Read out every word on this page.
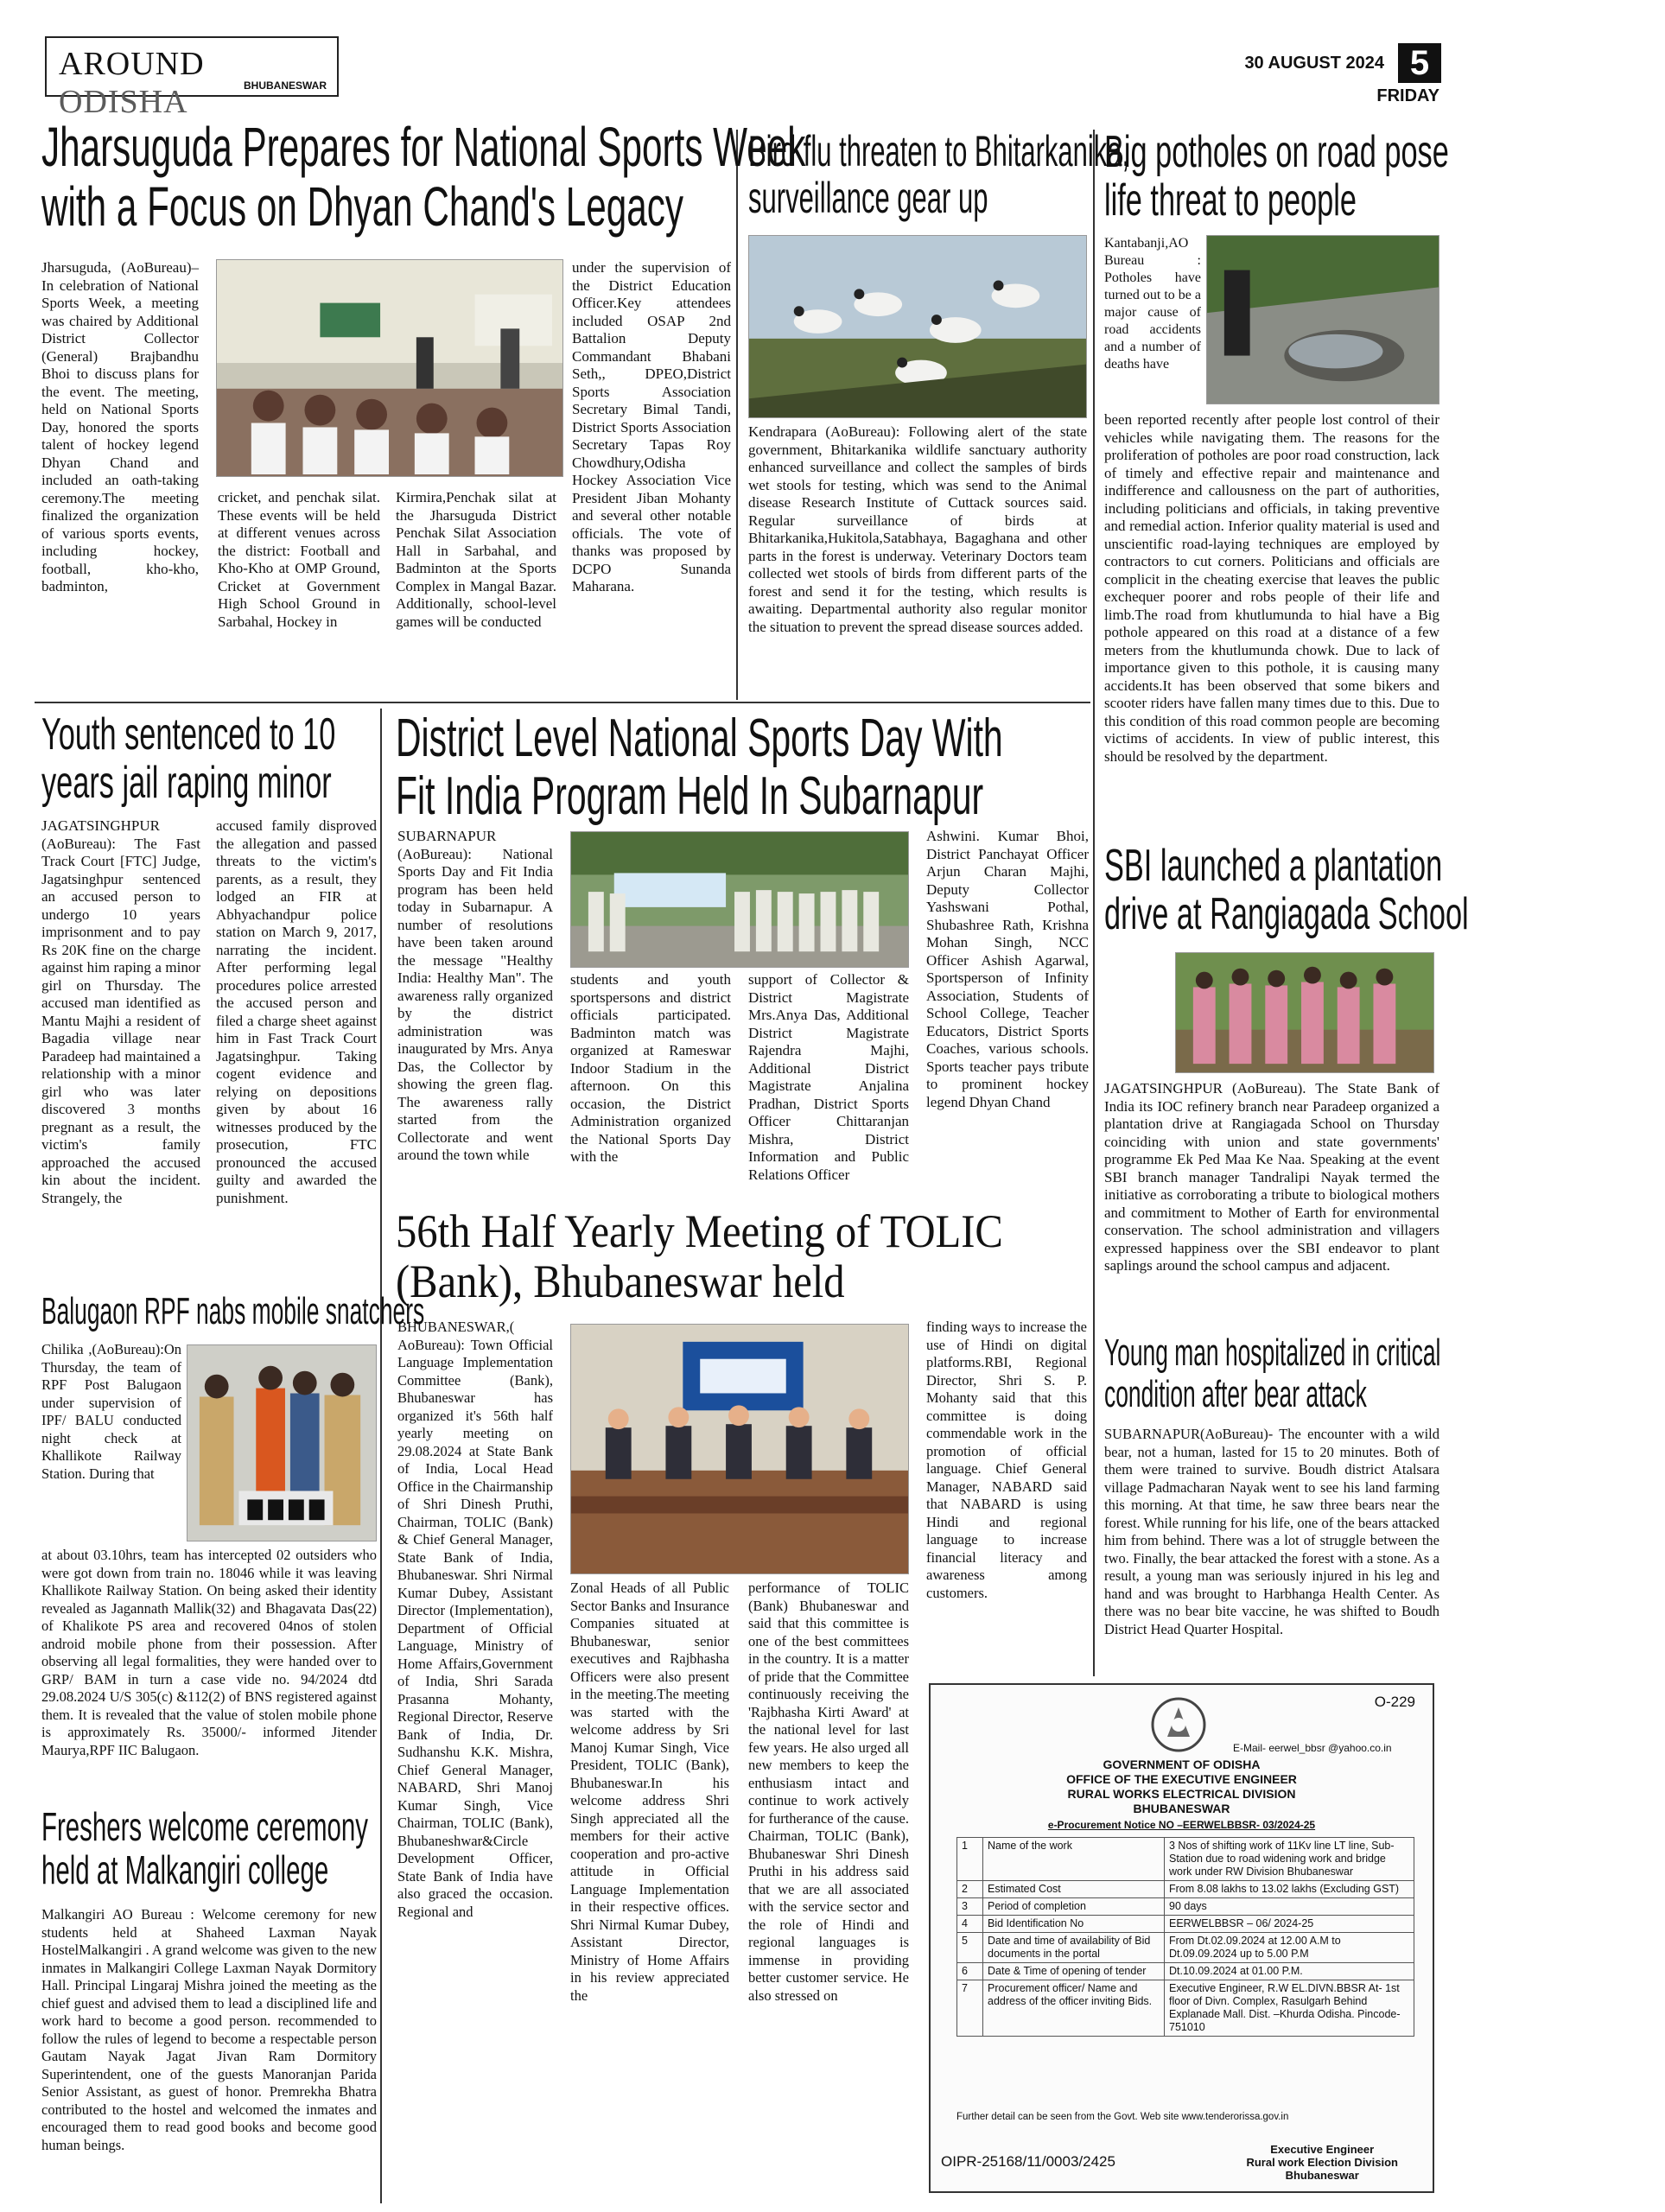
AROUND ODISHA	BHUBANESWAR
30 AUGUST 2024 5
FRIDAY
Jharsuguda Prepares for National Sports Week
with a Focus on Dhyan Chand's Legacy
Jharsuguda, (AoBureau)– In celebration of National Sports Week, a meeting was chaired by Additional District Collector (General) Brajbandhu Bhoi to discuss plans for the event. The meeting, held on National Sports Day, honored the sports talent of hockey legend Dhyan Chand and included an oath-taking ceremony.The meeting finalized the organization of various sports events, including hockey, football, kho-kho, badminton,
cricket, and penchak silat. These events will be held at different venues across the district: Football and Kho-Kho at OMP Ground, Cricket at Government High School Ground in Sarbahal, Hockey in
Kirmira,Penchak silat at the Jharsuguda District Penchak Silat Association Hall in Sarbahal, and Badminton at the Sports Complex in Mangal Bazar. Additionally, school-level games will be conducted
under the supervision of the District Education Officer.Key attendees included OSAP 2nd Battalion Deputy Commandant Bhabani Seth,, DPEO,District Sports Association Secretary Bimal Tandi, District Sports Association Secretary Tapas Roy Chowdhury,Odisha Hockey Association Vice President Jiban Mohanty and several other notable officials. The vote of thanks was proposed by DCPO Sunanda Maharana.
Bird flu threaten to Bhitarkanika,
surveillance gear up
Kendrapara (AoBureau): Following alert of the state government, Bhitarkanika wildlife sanctuary authority enhanced surveillance and collect the samples of birds wet stools for testing, which was send to the Animal disease Research Institute of Cuttack sources said. Regular surveillance of birds at Bhitarkanika,Hukitola,Satabhaya, Bagaghana and other parts in the forest is underway. Veterinary Doctors team collected wet stools of birds from different parts of the forest and send it for the testing, which results is awaiting. Departmental authority also regular monitor the situation to prevent the spread disease sources added.
Big potholes on road pose
life threat to people
Kantabanji,AO Bureau : Potholes have turned out to be a major cause of road accidents and a number of deaths have
been reported recently after people lost control of their vehicles while navigating them. The reasons for the proliferation of potholes are poor road construction, lack of timely and effective repair and maintenance and indifference and callousness on the part of authorities, including politicians and officials, in taking preventive and remedial action. Inferior quality material is used and unscientific road-laying techniques are employed by contractors to cut corners. Politicians and officials are complicit in the cheating exercise that leaves the public exchequer poorer and robs people of their life and limb.The road from khutlumunda to hial have a Big pothole appeared on this road at a distance of a few meters from the khutlumunda chowk. Due to lack of importance given to this pothole, it is causing many accidents.It has been observed that some bikers and scooter riders have fallen many times due to this. Due to this condition of this road common people are becoming victims of accidents. In view of public interest, this should be resolved by the department.
SBI launched a plantation
drive at Rangiagada School
JAGATSINGHPUR (AoBureau). The State Bank of India its IOC refinery branch near Paradeep organized a plantation drive at Rangiagada School on Thursday coinciding with union and state governments' programme Ek Ped Maa Ke Naa. Speaking at the event SBI branch manager Tandralipi Nayak termed the initiative as corroborating a tribute to biological mothers and commitment to Mother of Earth for environmental conservation. The school administration and villagers expressed happiness over the SBI endeavor to plant saplings around the school campus and adjacent.
Young man hospitalized in critical
condition after bear attack
SUBARNAPUR(AoBureau)- The encounter with a wild bear, not a human, lasted for 15 to 20 minutes. Both of them were trained to survive. Boudh district Atalsara village Padmacharan Nayak went to see his land farming this morning. At that time, he saw three bears near the forest. While running for his life, one of the bears attacked him from behind. There was a lot of struggle between the two. Finally, the bear attacked the forest with a stone. As a result, a young man was seriously injured in his leg and hand and was brought to Harbhanga Health Center. As there was no bear bite vaccine, he was shifted to Boudh District Head Quarter Hospital.
Youth sentenced to 10
years jail raping minor
JAGATSINGHPUR (AoBureau): The Fast Track Court [FTC] Judge, Jagatsinghpur sentenced an accused person to undergo 10 years imprisonment and to pay Rs 20K fine on the charge against him raping a minor girl on Thursday. The accused man identified as Mantu Majhi a resident of Bagadia village near Paradeep had maintained a relationship with a minor girl who was later discovered 3 months pregnant as a result, the victim's family approached the accused kin about the incident. Strangely, the
accused family disproved the allegation and passed threats to the victim's parents, as a result, they lodged an FIR at Abhyachandpur police station on March 9, 2017, narrating the incident. After performing legal procedures police arrested the accused person and filed a charge sheet against him in Fast Track Court Jagatsinghpur. Taking cogent evidence and relying on depositions given by about 16 witnesses produced by the prosecution, FTC pronounced the accused guilty and awarded the punishment.
Balugaon RPF nabs mobile snatchers
Chilika ,(AoBureau):On Thursday, the team of RPF Post Balugaon under supervision of IPF/ BALU conducted night check at Khallikote Railway Station. During that
at about 03.10hrs, team has intercepted 02 outsiders who were got down from train no. 18046 while it was leaving Khallikote Railway Station. On being asked their identity revealed as Jagannath Mallik(32) and Bhagavata Das(22) of Khalikote PS area and recovered 04nos of stolen android mobile phone from their possession. After observing all legal formalities, they were handed over to GRP/ BAM in turn a case vide no. 94/2024 dtd 29.08.2024 U/S 305(c) &112(2) of BNS registered against them. It is revealed that the value of stolen mobile phone is approximately Rs. 35000/- informed Jitender Maurya,RPF IIC Balugaon.
Freshers welcome ceremony
held at Malkangiri college
Malkangiri AO Bureau : Welcome ceremony for new students held at Shaheed Laxman Nayak HostelMalkangiri . A grand welcome was given to the new inmates in Malkangiri College Laxman Nayak Dormitory Hall. Principal Lingaraj Mishra joined the meeting as the chief guest and advised them to lead a disciplined life and work hard to become a good person. recommended to follow the rules of legend to become a respectable person Gautam Nayak Jagat Jivan Ram Dormitory Superintendent, one of the guests Manoranjan Parida Senior Assistant, as guest of honor. Premrekha Bhatra contributed to the hostel and welcomed the inmates and encouraged them to read good books and become good human beings.
District Level National Sports Day With
Fit India Program Held In Subarnapur
SUBARNAPUR (AoBureau): National Sports Day and Fit India program has been held today in Subarnapur. A number of resolutions have been taken around the message "Healthy India: Healthy Man". The awareness rally organized by the district administration was inaugurated by Mrs. Anya Das, the Collector by showing the green flag. The awareness rally started from the Collectorate and went around the town while
students and youth sportspersons and district officials participated. Badminton match was organized at Rameswar Indoor Stadium in the afternoon. On this occasion, the District Administration organized the National Sports Day with the
support of Collector & District Magistrate Mrs.Anya Das, Additional District Magistrate Rajendra Majhi, Additional District Magistrate Anjalina Pradhan, District Sports Officer Chittaranjan Mishra, District Information and Public Relations Officer
Ashwini. Kumar Bhoi, District Panchayat Officer Arjun Charan Majhi, Deputy Collector Yashswani Pothal, Shubashree Rath, Krishna Mohan Singh, NCC Officer Ashish Agarwal, Sportsperson of Infinity Association, Students of School College, Teacher Educators, District Sports Coaches, various schools. Sports teacher pays tribute to prominent hockey legend Dhyan Chand
56th Half Yearly Meeting of TOLIC
(Bank), Bhubaneswar held
BHUBANESWAR,( AoBureau): Town Official Language Implementation Committee (Bank), Bhubaneswar has organized it's 56th half yearly meeting on 29.08.2024 at State Bank of India, Local Head Office in the Chairmanship of Shri Dinesh Pruthi, Chairman, TOLIC (Bank) & Chief General Manager, State Bank of India, Bhubaneswar. Shri Nirmal Kumar Dubey, Assistant Director (Implementation), Department of Official Language, Ministry of Home Affairs,Government of India, Shri Sarada Prasanna Mohanty, Regional Director, Reserve Bank of India, Dr. Sudhanshu K.K. Mishra, Chief General Manager, NABARD, Shri Manoj Kumar Singh, Vice Chairman, TOLIC (Bank), Bhubaneshwar&Circle Development Officer, State Bank of India have also graced the occasion. Regional and
Zonal Heads of all Public Sector Banks and Insurance Companies situated at Bhubaneswar, senior executives and Rajbhasha Officers were also present in the meeting.The meeting was started with the welcome address by Sri Manoj Kumar Singh, Vice President, TOLIC (Bank), Bhubaneswar.In his welcome address Shri Singh appreciated all the members for their active cooperation and pro-active attitude in Official Language Implementation in their respective offices. Shri Nirmal Kumar Dubey, Assistant Director, Ministry of Home Affairs in his review appreciated the
performance of TOLIC (Bank) Bhubaneswar and said that this committee is one of the best committees in the country. It is a matter of pride that the Committee continuously receiving the 'Rajbhasha Kirti Award' at the national level for last few years. He also urged all new members to keep the enthusiasm intact and continue to work actively for furtherance of the cause. Chairman, TOLIC (Bank), Bhubaneswar Shri Dinesh Pruthi in his address said that we are all associated with the service sector and the role of Hindi and regional languages is immense in providing better customer service. He also stressed on
finding ways to increase the use of Hindi on digital platforms.RBI, Regional Director, Shri S. P. Mohanty said that this committee is doing commendable work in the promotion of official language. Chief General Manager, NABARD said that NABARD is using Hindi and regional language to increase financial literacy and awareness among customers.
O-229
E-Mail- eerwel_bbsr @yahoo.co.in
GOVERNMENT OF ODISHA
OFFICE OF THE EXECUTIVE ENGINEER
RURAL WORKS ELECTRICAL DIVISION
BHUBANESWAR
e-Procurement Notice NO –EERWELBBSR- 03/2024-25
1	Name of the work	3 Nos of shifting work of 11Kv line LT line, Sub-Station due to road widening work and bridge work under RW Division Bhubaneswar
2	Estimated Cost	From 8.08 lakhs to 13.02 lakhs (Excluding GST)
3	Period of completion	90 days
4	Bid Identification No	EERWELBBSR – 06/ 2024-25
5	Date and time of availability of Bid documents in the portal	From Dt.02.09.2024 at 12.00 A.M to Dt.09.09.2024 up to 5.00 P.M
6	Date & Time of opening of tender	Dt.10.09.2024 at 01.00 P.M.
7	Procurement officer/ Name and address of the officer inviting Bids.	Executive Engineer, R.W EL.DIVN.BBSR At- 1st floor of Divn. Complex, Rasulgarh Behind Explanade Mall. Dist. –Khurda Odisha. Pincode-751010
Further detail can be seen from the Govt. Web site www.tenderorissa.gov.in
OIPR-25168/11/0003/2425
Executive Engineer
Rural work Election Division
Bhubaneswar
